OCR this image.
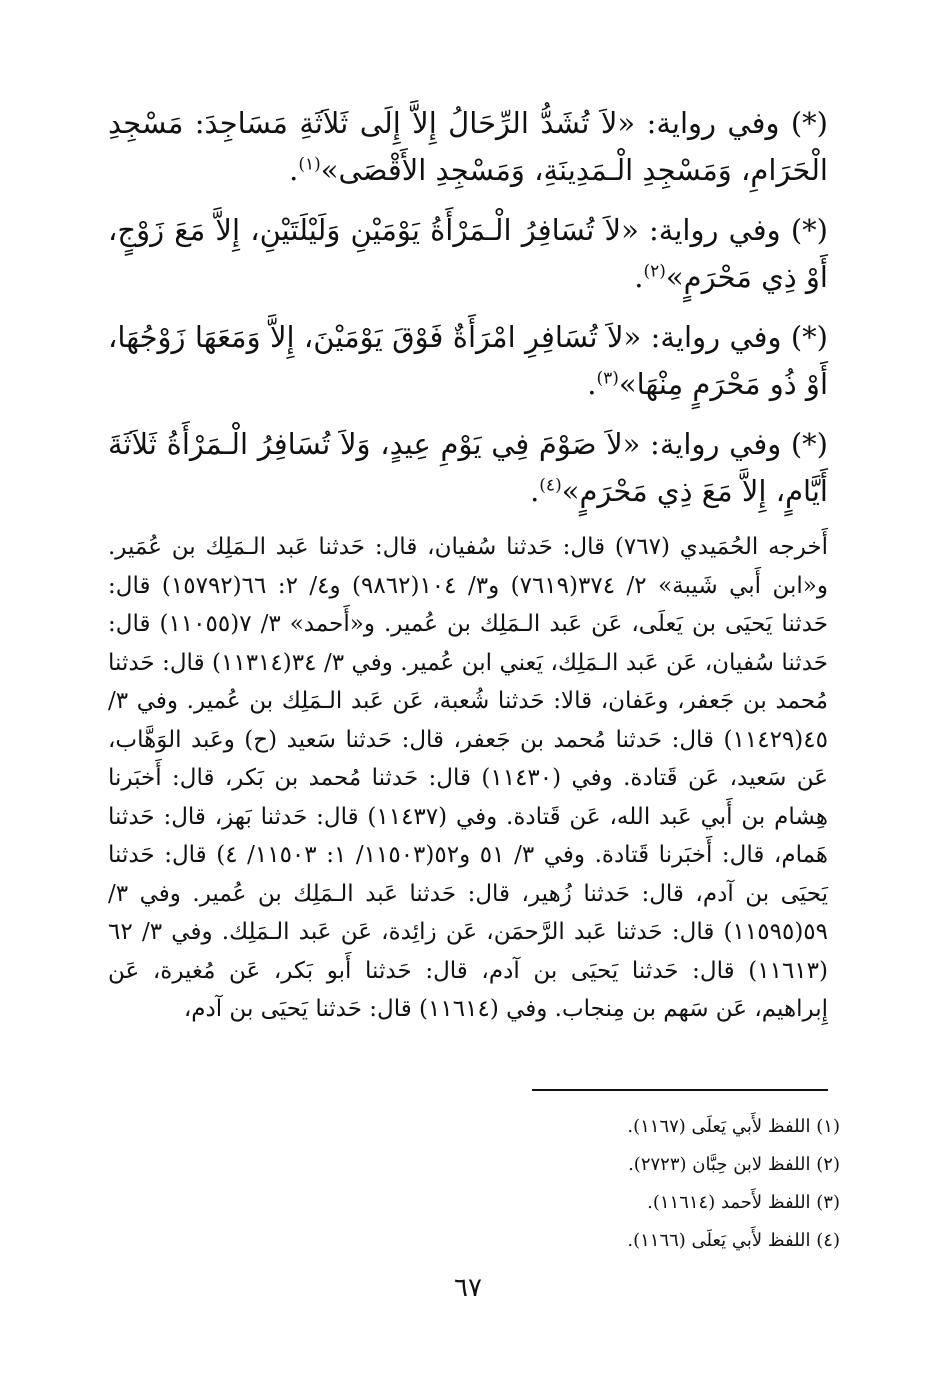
(*) وفي رواية: «لاَ تُشَدُّ الرِّحَالُ إِلاَّ إِلَى ثَلاَثَةِ مَسَاجِدَ: مَسْجِدِ الْحَرَامِ، وَمَسْجِدِ الْـمَدِينَةِ، وَمَسْجِدِ الأَقْصَى»$^{(١)}$.

(*) وفي رواية: «لاَ تُسَافِرُ الْـمَرْأَةُ يَوْمَيْنِ وَلَيْلَتَيْنِ، إِلاَّ مَعَ زَوْجٍ، أَوْ ذِي مَحْرَمٍ»$^{(٢)}$.

(*) وفي رواية: «لاَ تُسَافِرِ امْرَأَةٌ فَوْقَ يَوْمَيْنَ، إِلاَّ وَمَعَهَا زَوْجُهَا، أَوْ ذُو مَحْرَمٍ مِنْهَا»$^{(٣)}$.

(*) وفي رواية: «لاَ صَوْمَ فِي يَوْمِ عِيدٍ، وَلاَ تُسَافِرُ الْـمَرْأَةُ ثَلاَثَةَ أَيَّامٍ، إِلاَّ مَعَ ذِي مَحْرَمٍ»$^{(٤)}$.

أَخرجه الحُمَيدي (٧٦٧) قال: حَدثنا سُفيان، قال: حَدثنا عَبد الـمَلِك بن عُمَير. و«ابن أَبي شَيبة» ٢/ ٣٧٤(٧٦١٩) و٣/ ١٠٤(٩٨٦٢) و٤/ ٢: ٦٦(١٥٧٩٢) قال: حَدثنا يَحيَى بن يَعلَى، عَن عَبد الـمَلِك بن عُمير. و«أَحمد» ٣/ ٧(١١٠٥٥) قال: حَدثنا سُفيان، عَن عَبد الـمَلِك، يَعني ابن عُمير. وفي ٣/ ٣٤(١١٣١٤) قال: حَدثنا مُحمد بن جَعفر، وعَفان، قالا: حَدثنا شُعبة، عَن عَبد الـمَلِك بن عُمير. وفي ٣/ ٤٥(١١٤٢٩) قال: حَدثنا مُحمد بن جَعفر، قال: حَدثنا سَعيد (ح) وعَبد الوَهَّاب، عَن سَعيد، عَن قَتادة. وفي (١١٤٣٠) قال: حَدثنا مُحمد بن بَكر، قال: أَخبَرنا هِشام بن أَبي عَبد الله، عَن قَتادة. وفي (١١٤٣٧) قال: حَدثنا بَهز، قال: حَدثنا هَمام، قال: أَخبَرنا قَتادة. وفي ٣/ ٥١ و٥٢(١١٥٠٣/ ١: ١١٥٠٣/ ٤) قال: حَدثنا يَحيَى بن آدم، قال: حَدثنا زُهير، قال: حَدثنا عَبد الـمَلِك بن عُمير. وفي ٣/ ٥٩(١١٥٩٥) قال: حَدثنا عَبد الرَّحمَن، عَن زائِدة، عَن عَبد الـمَلِك. وفي ٣/ ٦٢ (١١٦١٣) قال: حَدثنا يَحيَى بن آدم، قال: حَدثنا أَبو بَكر، عَن مُغيرة، عَن إِبراهيم، عَن سَهم بن مِنجاب. وفي (١١٦١٤) قال: حَدثنا يَحيَى بن آدم،

(١) اللفظ لأَبي يَعلَى (١١٦٧).
(٢) اللفظ لابن حِبَّان (٢٧٢٣).
(٣) اللفظ لأَحمد (١١٦١٤).
(٤) اللفظ لأَبي يَعلَى (١١٦٦).
٦٧
